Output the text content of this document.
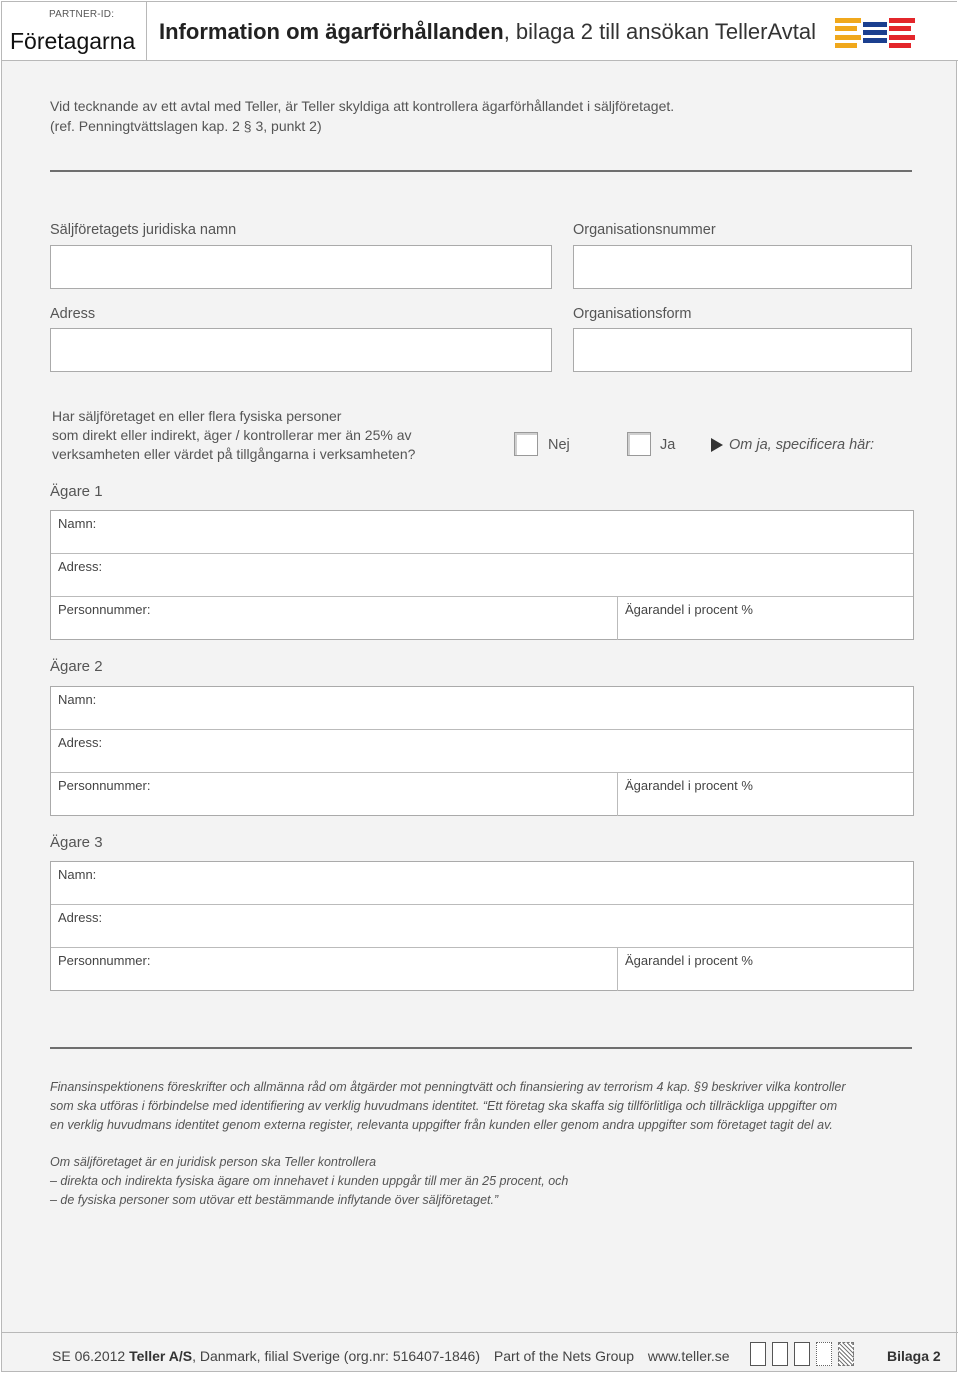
PARTNER-ID:
Företagarna Information om ägarförhållanden, bilaga 2 till ansökan TellerAvtal
Vid tecknande av ett avtal med Teller, är Teller skyldiga att kontrollera ägarförhållandet i säljföretaget.
(ref. Penningtvättslagen kap. 2 § 3, punkt 2)
Säljföretagets juridiska namn	Organisationsnummer
Adress	Organisationsform
Har säljföretaget en eller flera fysiska personer
som direkt eller indirekt, äger / kontrollerar mer än 25% av
verksamheten eller värdet på tillgångarna i verksamheten?
Nej	Ja	Om ja, specificera här:
Ägare 1
Namn:
Adress:
Personnummer:	Ägarandel i procent %
Ägare 2
Namn:
Adress:
Personnummer:	Ägarandel i procent %
Ägare 3
Namn:
Adress:
Personnummer:	Ägarandel i procent %
Finansinspektionens föreskrifter och allmänna råd om åtgärder mot penningtvätt och finansiering av terrorism 4 kap. §9 beskriver vilka kontroller
som ska utföras i förbindelse med identifiering av verklig huvudmans identitet. “Ett företag ska skaffa sig tillförlitliga och tillräckliga uppgifter om
en verklig huvudmans identitet genom externa register, relevanta uppgifter från kunden eller genom andra uppgifter som företaget tagit del av.
Om säljföretaget är en juridisk person ska Teller kontrollera
– direkta och indirekta fysiska ägare om innehavet i kunden uppgår till mer än 25 procent, och
– de fysiska personer som utövar ett bestämmande inflytande över säljföretaget.”
SE 06.2012 Teller A/S, Danmark, filial Sverige (org.nr: 516407-1846) Part of the Nets Group www.teller.se	Bilaga 2
